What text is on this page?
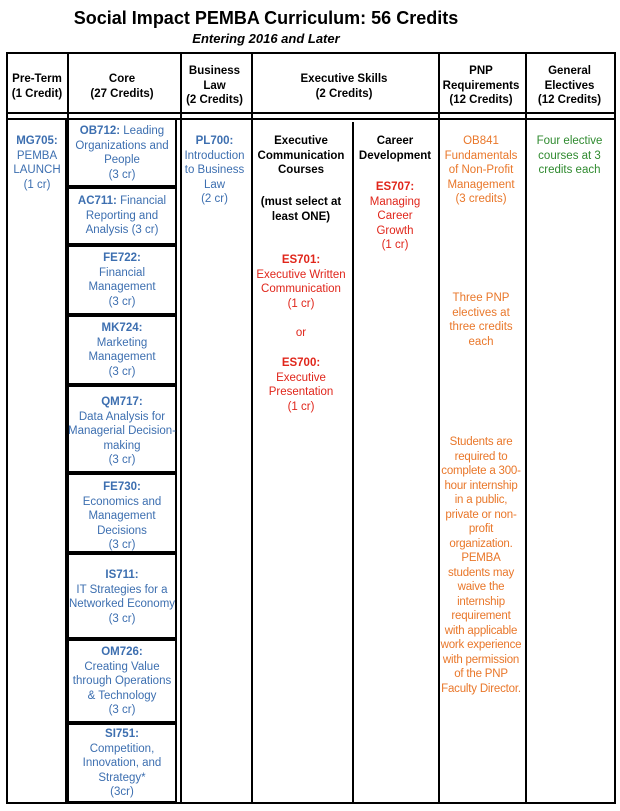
Social Impact PEMBA Curriculum: 56 Credits
Entering 2016 and Later
Pre-Term
(1 Credit)
Core
(27 Credits)
Business
Law
(2 Credits)
Executive Skills
(2 Credits)
PNP
Requirements
(12 Credits)
General
Electives
(12 Credits)
MG705:
PEMBA
LAUNCH
(1 cr)
OB712: Leading
Organizations and
People
(3 cr)
AC711: Financial
Reporting and
Analysis (3 cr)
FE722:
Financial
Management
(3 cr)
MK724:
Marketing
Management
(3 cr)
QM717:
Data Analysis for
Managerial Decision-
making
(3 cr)
FE730:
Economics and
Management
Decisions
(3 cr)
IS711:
IT Strategies for a
Networked Economy
(3 cr)
OM726:
Creating Value
through Operations
& Technology
(3 cr)
SI751:
Competition,
Innovation, and
Strategy*
(3cr)
PL700:
Introduction
to Business
Law
(2 cr)
Executive
Communication
Courses
(must select at
least ONE)
ES701:
Executive Written
Communication
(1 cr)
or
ES700:
Executive
Presentation
(1 cr)
Career
Development
ES707:
Managing
Career
Growth
(1 cr)
OB841
Fundamentals
of Non-Profit
Management
(3 credits)
Three PNP
electives at
three credits
each
Students are
required to
complete a 300-
hour internship
in a public,
private or non-
profit
organization.
PEMBA
students may
waive the
internship
requirement
with applicable
work experience
with permission
of the PNP
Faculty Director.
Four elective
courses at 3
credits each
